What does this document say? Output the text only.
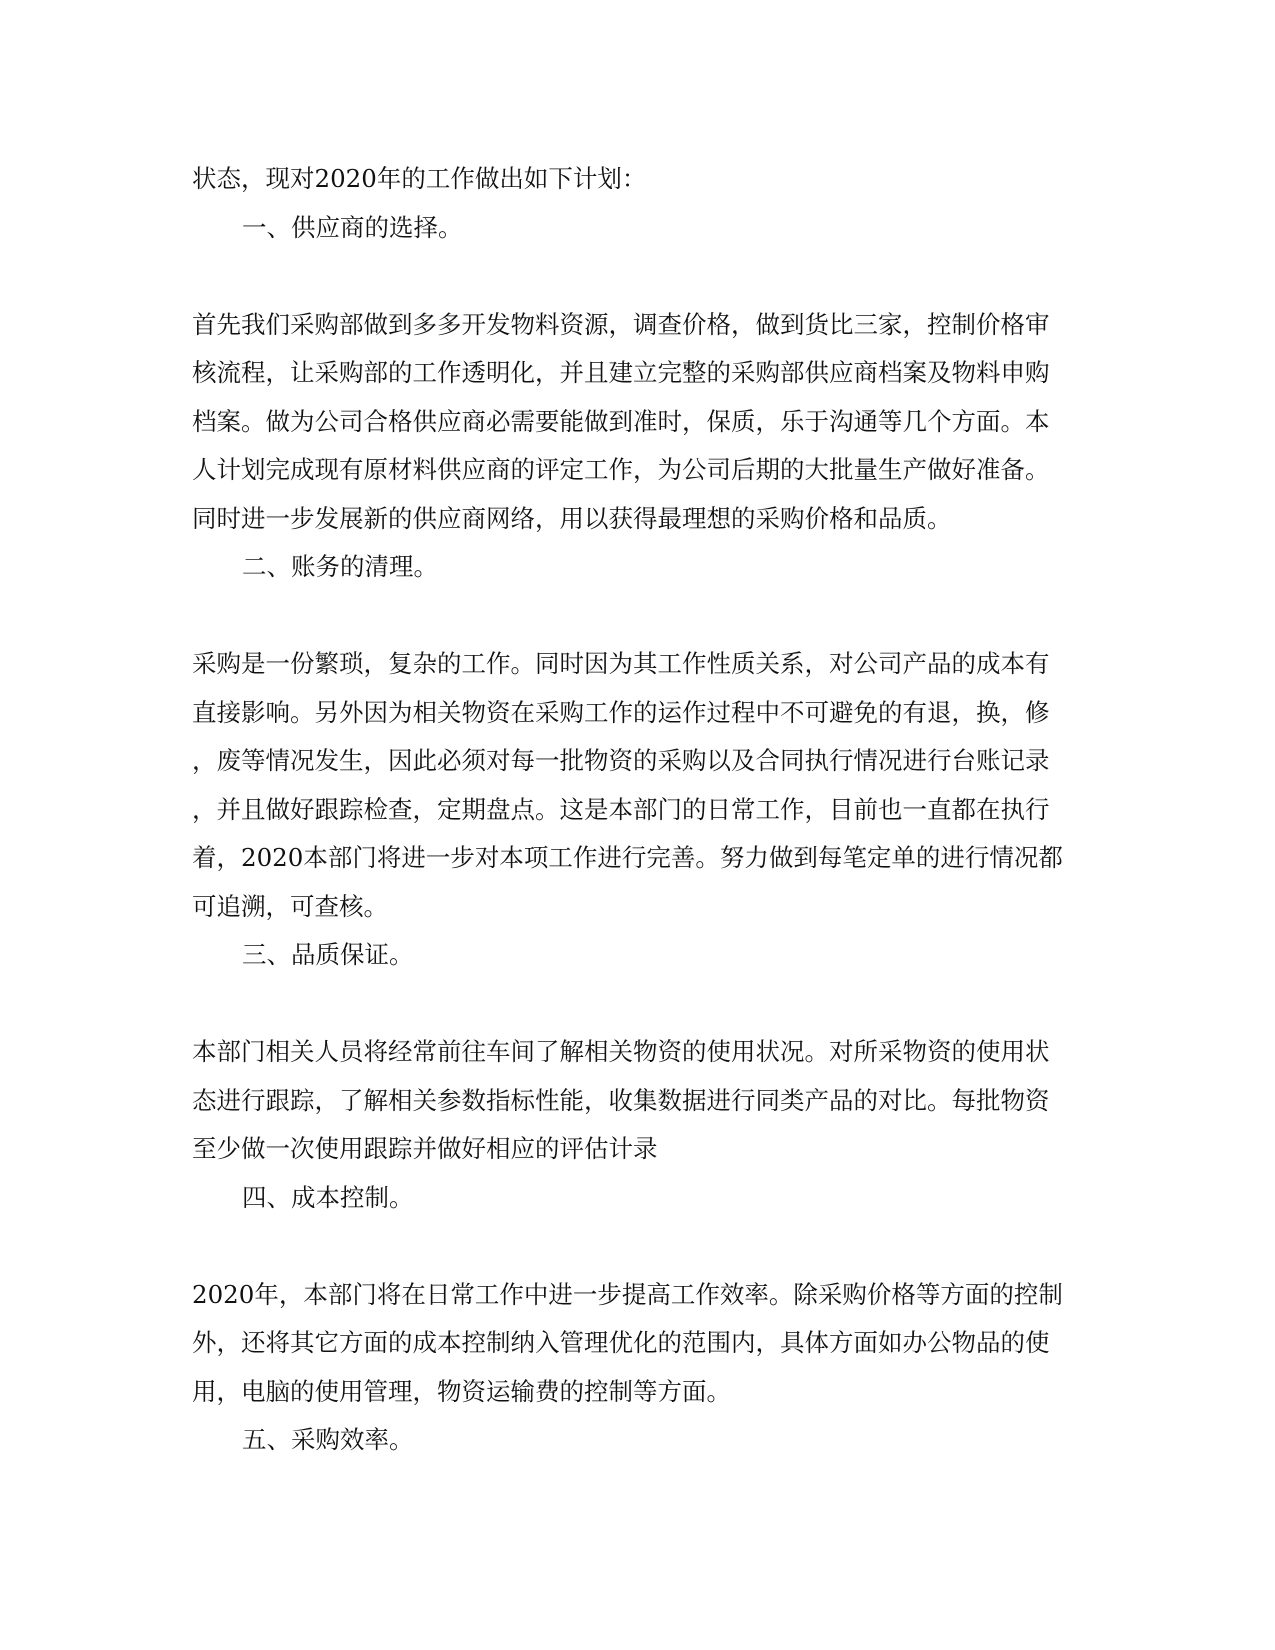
状态，现对2020年的工作做出如下计划：
一、供应商的选择。
首先我们采购部做到多多开发物料资源，调查价格，做到货比三家，控制价格审
核流程，让采购部的工作透明化，并且建立完整的采购部供应商档案及物料申购
档案。做为公司合格供应商必需要能做到准时，保质，乐于沟通等几个方面。本
人计划完成现有原材料供应商的评定工作，为公司后期的大批量生产做好准备。
同时进一步发展新的供应商网络，用以获得最理想的采购价格和品质。
二、账务的清理。
采购是一份繁琐，复杂的工作。同时因为其工作性质关系，对公司产品的成本有
直接影响。另外因为相关物资在采购工作的运作过程中不可避免的有退，换，修
，废等情况发生，因此必须对每一批物资的采购以及合同执行情况进行台账记录
，并且做好跟踪检查，定期盘点。这是本部门的日常工作，目前也一直都在执行
着，2020本部门将进一步对本项工作进行完善。努力做到每笔定单的进行情况都
可追溯，可查核。
三、品质保证。
本部门相关人员将经常前往车间了解相关物资的使用状况。对所采物资的使用状
态进行跟踪，了解相关参数指标性能，收集数据进行同类产品的对比。每批物资
至少做一次使用跟踪并做好相应的评估计录
四、成本控制。
2020年，本部门将在日常工作中进一步提高工作效率。除采购价格等方面的控制
外，还将其它方面的成本控制纳入管理优化的范围内，具体方面如办公物品的使
用，电脑的使用管理，物资运输费的控制等方面。
五、采购效率。
